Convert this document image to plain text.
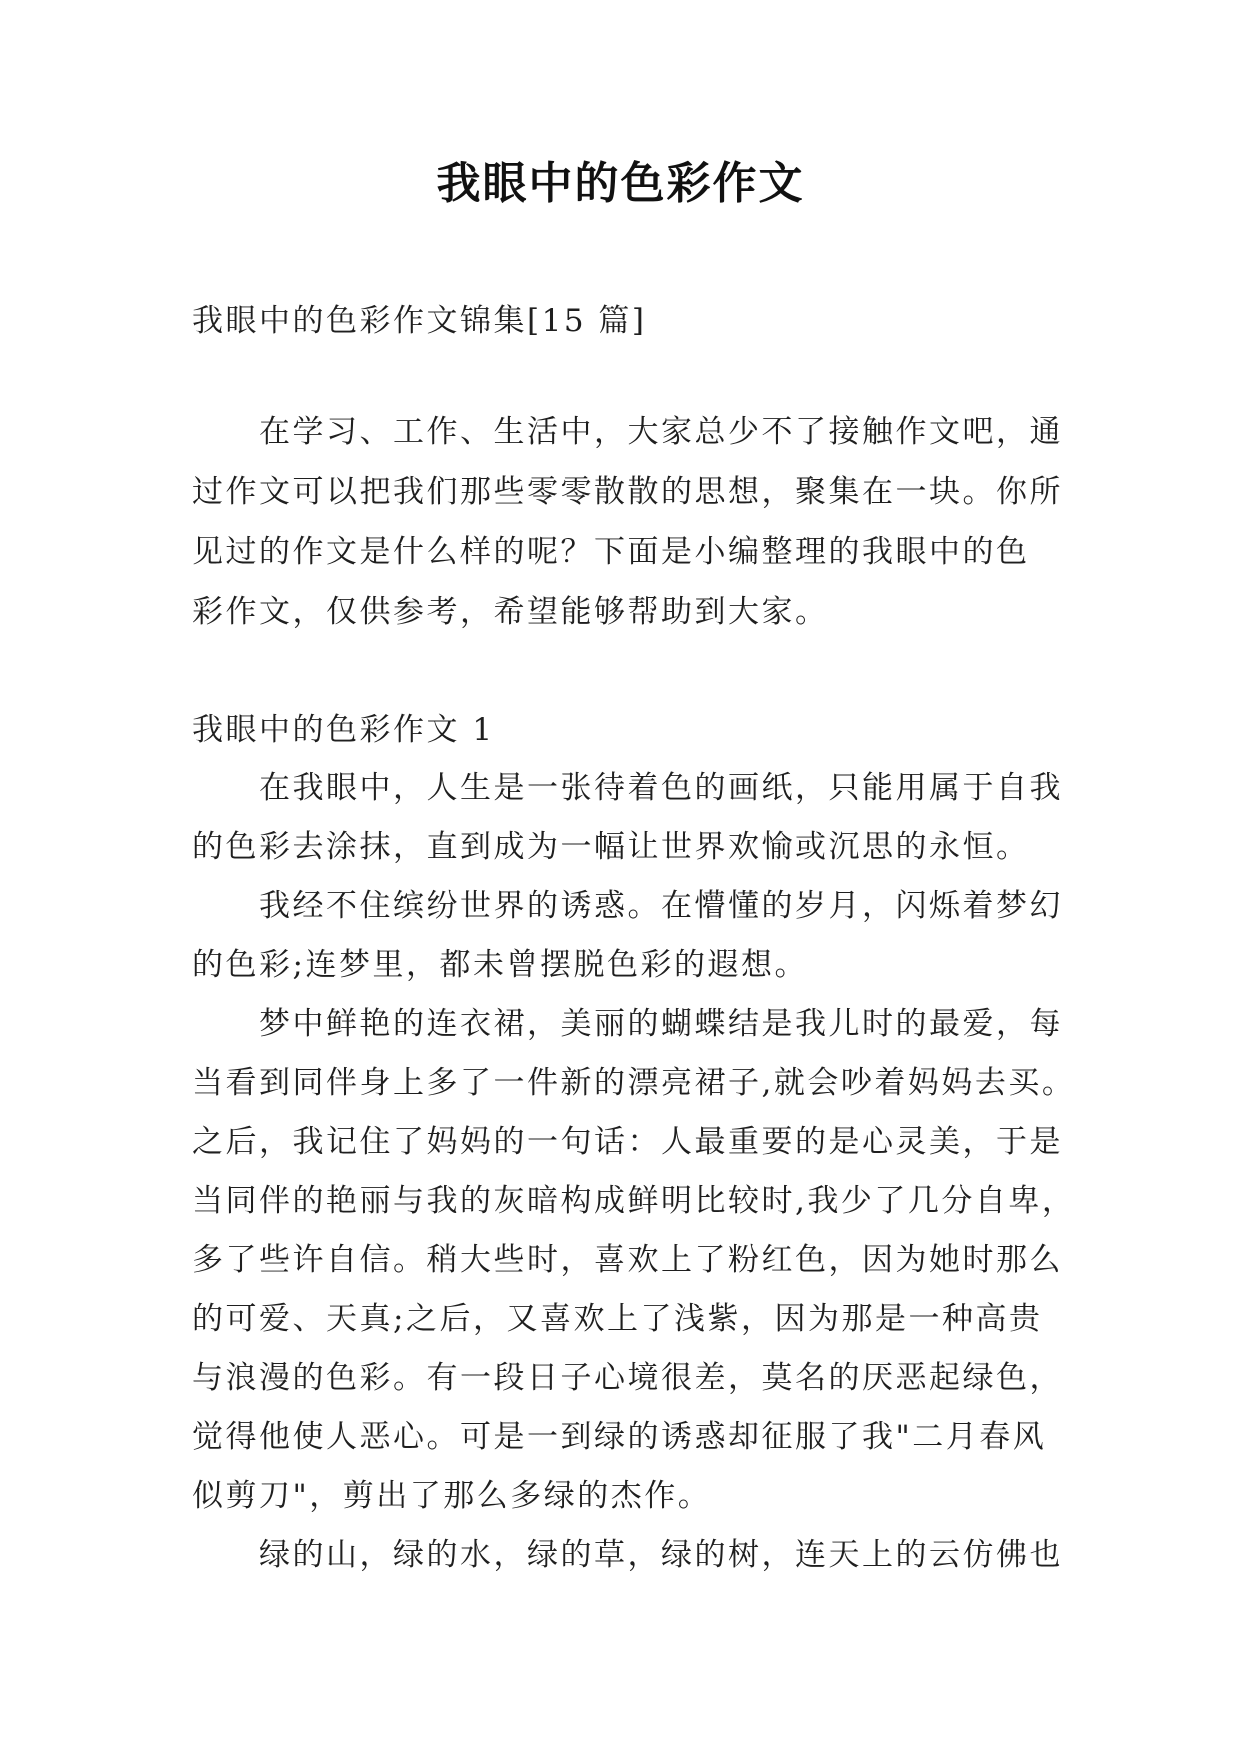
我眼中的色彩作文
我眼中的色彩作文锦集[15 篇]
在学习、工作、生活中，大家总少不了接触作文吧，通
过作文可以把我们那些零零散散的思想，聚集在一块。你所
见过的作文是什么样的呢？下面是小编整理的我眼中的色
彩作文，仅供参考，希望能够帮助到大家。
我眼中的色彩作文 1
在我眼中，人生是一张待着色的画纸，只能用属于自我
的色彩去涂抹，直到成为一幅让世界欢愉或沉思的永恒。
我经不住缤纷世界的诱惑。在懵懂的岁月，闪烁着梦幻
的色彩;连梦里，都未曾摆脱色彩的遐想。
梦中鲜艳的连衣裙，美丽的蝴蝶结是我儿时的最爱，每
当看到同伴身上多了一件新的漂亮裙子,就会吵着妈妈去买。
之后，我记住了妈妈的一句话：人最重要的是心灵美，于是
当同伴的艳丽与我的灰暗构成鲜明比较时,我少了几分自卑，
多了些许自信。稍大些时，喜欢上了粉红色，因为她时那么
的可爱、天真;之后，又喜欢上了浅紫，因为那是一种高贵
与浪漫的色彩。有一段日子心境很差，莫名的厌恶起绿色，
觉得他使人恶心。可是一到绿的诱惑却征服了我"二月春风
似剪刀"，剪出了那么多绿的杰作。
绿的山，绿的水，绿的草，绿的树，连天上的云仿佛也
